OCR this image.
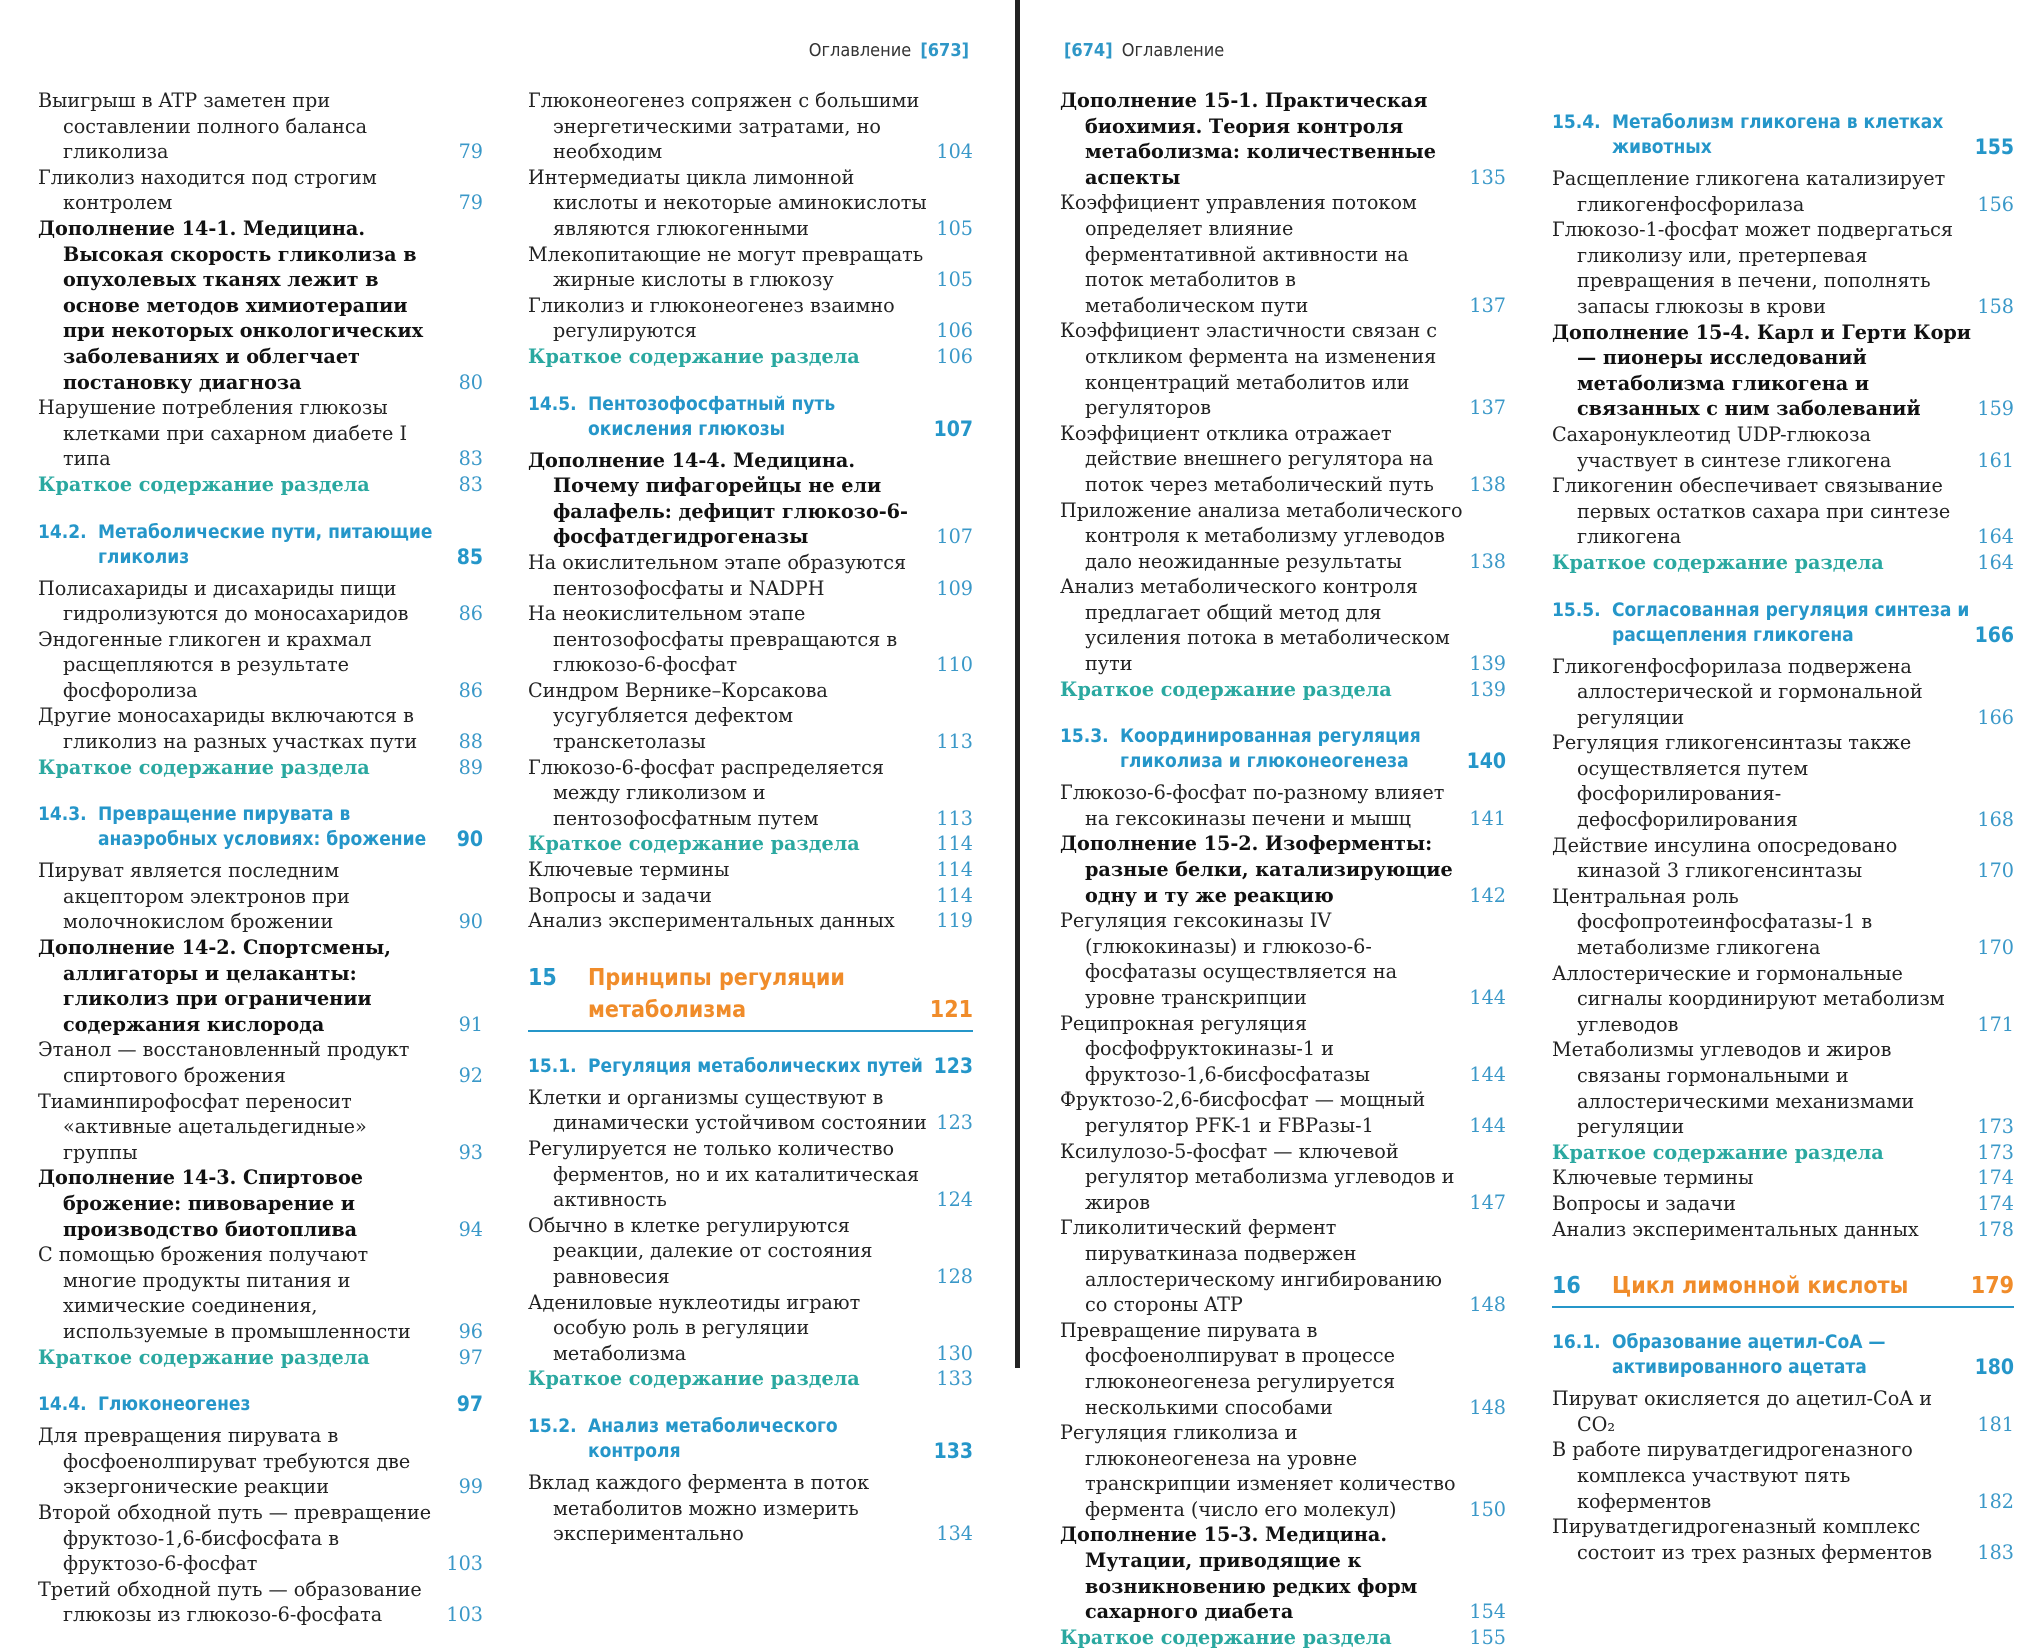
Оглавление [673]
Выигрыш в ATP заметен при составлении полного баланса гликолиза	79
Гликолиз находится под строгим контролем	79
Дополнение 14-1. Медицина. Высокая скорость гликолиза в опухолевых тканях лежит в основе методов химиотерапии при некоторых онкологических заболеваниях и облегчает постановку диагноза	80
Нарушение потребления глюкозы клетками при сахарном диабете I типа	83
Краткое содержание раздела	83
14.2. Метаболические пути, питающие гликолиз	85
Полисахариды и дисахариды пищи гидролизуются до моносахаридов	86
Эндогенные гликоген и крахмал расщепляются в результате фосфоролиза	86
Другие моносахариды включаются в гликолиз на разных участках пути	88
Краткое содержание раздела	89
14.3. Превращение пирувата в анаэробных условиях: брожение	90
Пируват является последним акцептором электронов при молочнокислом брожении	90
Дополнение 14-2. Спортсмены, аллигаторы и целаканты: гликолиз при ограничении содержания кислорода	91
Этанол — восстановленный продукт спиртового брожения	92
Тиаминпирофосфат переносит «активные ацетальдегидные» группы	93
Дополнение 14-3. Спиртовое брожение: пивоварение и производство биотоплива	94
С помощью брожения получают многие продукты питания и химические соединения, используемые в промышленности	96
Краткое содержание раздела	97
14.4. Глюконеогенез	97
Для превращения пирувата в фосфоенолпируват требуются две экзергонические реакции	99
Второй обходной путь — превращение фруктозо-1,6-бисфосфата в фруктозо-6-фосфат	103
Третий обходной путь — образование глюкозы из глюкозо-6-фосфата	103
Глюконеогенез сопряжен с большими энергетическими затратами, но необходим	104
Интермедиаты цикла лимонной кислоты и некоторые аминокислоты являются глюкогенными	105
Млекопитающие не могут превращать жирные кислоты в глюкозу	105
Гликолиз и глюконеогенез взаимно регулируются	106
Краткое содержание раздела	106
14.5. Пентозофосфатный путь окисления глюкозы	107
Дополнение 14-4. Медицина. Почему пифагорейцы не ели фалафель: дефицит глюкозо-6-фосфатдегидрогеназы	107
На окислительном этапе образуются пентозофосфаты и NADPH	109
На неокислительном этапе пентозофосфаты превращаются в глюкозо-6-фосфат	110
Синдром Вернике–Корсакова усугубляется дефектом транскетолазы	113
Глюкозо-6-фосфат распределяется между гликолизом и пентозофосфатным путем	113
Краткое содержание раздела	114
Ключевые термины	114
Вопросы и задачи	114
Анализ экспериментальных данных	119
15	Принципы регуляции метаболизма	121
15.1. Регуляция метаболических путей 123
Клетки и организмы существуют в динамически устойчивом состоянии 123
Регулируется не только количество ферментов, но и их каталитическая активность	124
Обычно в клетке регулируются реакции, далекие от состояния равновесия	128
Адениловые нуклеотиды играют особую роль в регуляции метаболизма	130
Краткое содержание раздела	133
15.2. Анализ метаболического контроля	133
Вклад каждого фермента в поток метаболитов можно измерить экспериментально	134
[674] Оглавление
Дополнение 15-1. Практическая биохимия. Теория контроля метаболизма: количественные аспекты	135
Коэффициент управления потоком определяет влияние ферментативной активности на поток метаболитов в метаболическом пути	137
Коэффициент эластичности связан с откликом фермента на изменения концентраций метаболитов или регуляторов	137
Коэффициент отклика отражает действие внешнего регулятора на поток через метаболический путь	138
Приложение анализа метаболического контроля к метаболизму углеводов дало неожиданные результаты	138
Анализ метаболического контроля предлагает общий метод для усиления потока в метаболическом пути	139
Краткое содержание раздела	139
15.3. Координированная регуляция гликолиза и глюконеогенеза	140
Глюкозо-6-фосфат по-разному влияет на гексокиназы печени и мышц	141
Дополнение 15-2. Изоферменты: разные белки, катализирующие одну и ту же реакцию	142
Регуляция гексокиназы IV (глюкокиназы) и глюкозо-6-фосфатазы осуществляется на уровне транскрипции	144
Реципрокная регуляция фосфофруктокиназы-1 и фруктозо-1,6-бисфосфатазы	144
Фруктозо-2,6-бисфосфат — мощный регулятор PFK-1 и FBPазы-1	144
Ксилулозо-5-фосфат — ключевой регулятор метаболизма углеводов и жиров	147
Гликолитический фермент пируваткиназа подвержен аллостерическому ингибированию со стороны ATP	148
Превращение пирувата в фосфоенолпируват в процессе глюконеогенеза регулируется несколькими способами	148
Регуляция гликолиза и глюконеогенеза на уровне транскрипции изменяет количество фермента (число его молекул)	150
Дополнение 15-3. Медицина. Мутации, приводящие к возникновению редких форм сахарного диабета	154
Краткое содержание раздела	155
15.4. Метаболизм гликогена в клетках животных	155
Расщепление гликогена катализирует гликогенфосфорилаза	156
Глюкозо-1-фосфат может подвергаться гликолизу или, претерпевая превращения в печени, пополнять запасы глюкозы в крови	158
Дополнение 15-4. Карл и Герти Кори — пионеры исследований метаболизма гликогена и связанных с ним заболеваний	159
Сахаронуклеотид UDP-глюкоза участвует в синтезе гликогена	161
Гликогенин обеспечивает связывание первых остатков сахара при синтезе гликогена	164
Краткое содержание раздела	164
15.5. Согласованная регуляция синтеза и расщепления гликогена	166
Гликогенфосфорилаза подвержена аллостерической и гормональной регуляции	166
Регуляция гликогенсинтазы также осуществляется путем фосфорилирования-дефосфорилирования	168
Действие инсулина опосредовано киназой 3 гликогенсинтазы	170
Центральная роль фосфопротеинфосфатазы-1 в метаболизме гликогена	170
Аллостерические и гормональные сигналы координируют метаболизм углеводов	171
Метаболизмы углеводов и жиров связаны гормональными и аллостерическими механизмами регуляции	173
Краткое содержание раздела	173
Ключевые термины	174
Вопросы и задачи	174
Анализ экспериментальных данных	178
16	Цикл лимонной кислоты	179
16.1. Образование ацетил-CoA — активированного ацетата	180
Пируват окисляется до ацетил-CoA и CO₂	181
В работе пируватдегидрогеназного комплекса участвуют пять коферментов	182
Пируватдегидрогеназный комплекс состоит из трех разных ферментов	183
